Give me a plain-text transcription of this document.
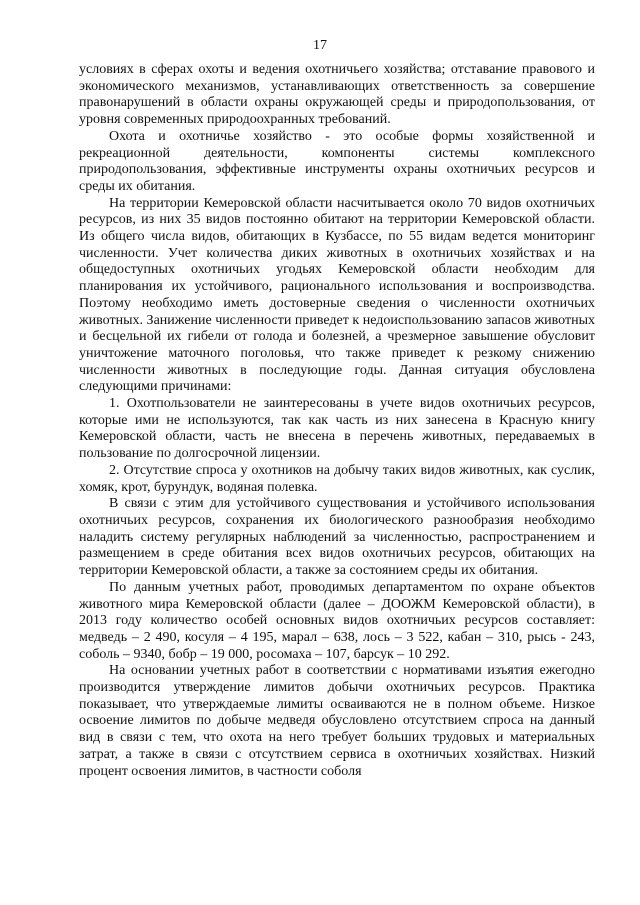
17

условиях в сферах охоты и ведения охотничьего хозяйства; отставание правового и экономического механизмов, устанавливающих ответственность за совершение правонарушений в области охраны окружающей среды и природопользования, от уровня современных природоохранных требований.

Охота и охотничье хозяйство - это особые формы хозяйственной и рекреационной деятельности, компоненты системы комплексного природопользования, эффективные инструменты охраны охотничьих ресурсов и среды их обитания.

На территории Кемеровской области насчитывается около 70 видов охотничьих ресурсов, из них 35 видов постоянно обитают на территории Кемеровской области. Из общего числа видов, обитающих в Кузбассе, по 55 видам ведется мониторинг численности. Учет количества диких животных в охотничьих хозяйствах и на общедоступных охотничьих угодьях Кемеровской области необходим для планирования их устойчивого, рационального использования и воспроизводства. Поэтому необходимо иметь достоверные сведения о численности охотничьих животных. Занижение численности приведет к недоиспользованию запасов животных и бесцельной их гибели от голода и болезней, а чрезмерное завышение обусловит уничтожение маточного поголовья, что также приведет к резкому снижению численности животных в последующие годы. Данная ситуация обусловлена следующими причинами:

1. Охотпользователи не заинтересованы в учете видов охотничьих ресурсов, которые ими не используются, так как часть из них занесена в Красную книгу Кемеровской области, часть не внесена в перечень животных, передаваемых в пользование по долгосрочной лицензии.

2. Отсутствие спроса у охотников на добычу таких видов животных, как суслик, хомяк, крот, бурундук, водяная полевка.

В связи с этим для устойчивого существования и устойчивого использования охотничьих ресурсов, сохранения их биологического разнообразия необходимо наладить систему регулярных наблюдений за численностью, распространением и размещением в среде обитания всех видов охотничьих ресурсов, обитающих на территории Кемеровской области, а также за состоянием среды их обитания.

По данным учетных работ, проводимых департаментом по охране объектов животного мира Кемеровской области (далее – ДООЖМ Кемеровской области), в 2013 году количество особей основных видов охотничьих ресурсов составляет: медведь – 2 490, косуля – 4 195, марал – 638, лось – 3 522, кабан – 310, рысь - 243, соболь – 9340, бобр – 19 000, росомаха – 107, барсук – 10 292.

На основании учетных работ в соответствии с нормативами изъятия ежегодно производится утверждение лимитов добычи охотничьих ресурсов. Практика показывает, что утверждаемые лимиты осваиваются не в полном объеме. Низкое освоение лимитов по добыче медведя обусловлено отсутствием спроса на данный вид в связи с тем, что охота на него требует больших трудовых и материальных затрат, а также в связи с отсутствием сервиса в охотничьих хозяйствах. Низкий процент освоения лимитов, в частности соболя
